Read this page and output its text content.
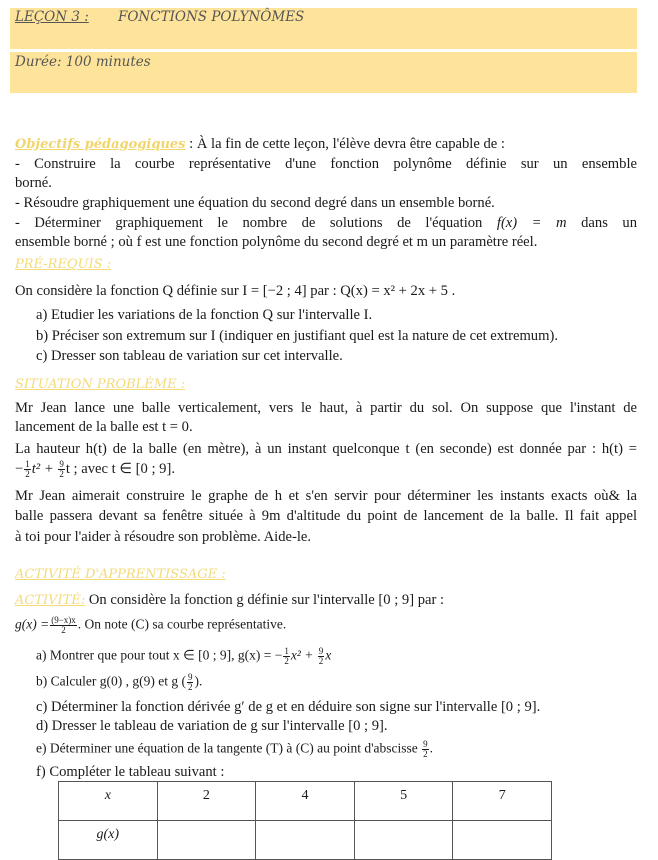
LEÇON 3 : FONCTIONS POLYNÔMES
Durée: 100 minutes
Objectifs pédagogiques : À la fin de cette leçon, l'élève devra être capable de :
- Construire la courbe représentative d'une fonction polynôme définie sur un ensemble
borné.
- Résoudre graphiquement une équation du second degré dans un ensemble borné.
- Déterminer graphiquement le nombre de solutions de l'équation f(x) = m dans un
ensemble borné ; où f est une fonction polynôme du second degré et m un paramètre réel.
PRÉ-REQUIS :
On considère la fonction Q définie sur I = [−2 ; 4] par : Q(x) = x² + 2x + 5 .
a) Etudier les variations de la fonction Q sur l'intervalle I.
b) Préciser son extremum sur I (indiquer en justifiant quel est la nature de cet extremum).
c) Dresser son tableau de variation sur cet intervalle.
SITUATION PROBLÈME :
Mr Jean lance une balle verticalement, vers le haut, à partir du sol. On suppose que l'instant de
lancement de la balle est t = 0.
La hauteur h(t) de la balle (en mètre), à un instant quelconque t (en seconde) est donnée par : h(t) =
− $\frac{1}{2} t^2 + \frac{9}{2}$ t ; avec t ∈ [0 ; 9].
Mr Jean aimerait construire le graphe de h et s'en servir pour déterminer les instants exacts où& la
balle passera devant sa fenêtre située à 9m d'altitude du point de lancement de la balle. Il fait appel
à toi pour l'aider à résoudre son problème. Aide-le.
ACTIVITÉ D'APPRENTISSAGE :
ACTIVITÉ: On considère la fonction g définie sur l'intervalle [0 ; 9] par :
$g(x) = \frac{(9-x)x}{2}$ . On note (C) sa courbe représentative.
a) Montrer que pour tout x ∈ [0 ; 9], g(x) = − $\frac{1}{2} x^2 + \frac{9}{2}$ x
b) Calculer g(0) , g(9) et g ( $\frac{9}{2}$ ).
c) Déterminer la fonction dérivée g′ de g et en déduire son signe sur l'intervalle [0 ; 9].
d) Dresser le tableau de variation de g sur l'intervalle [0 ; 9].
e) Déterminer une équation de la tangente (T) à (C) au point d'abscisse $\frac{9}{2}$ .
f) Compléter le tableau suivant :
x	2	4	5	7
g(x)				
